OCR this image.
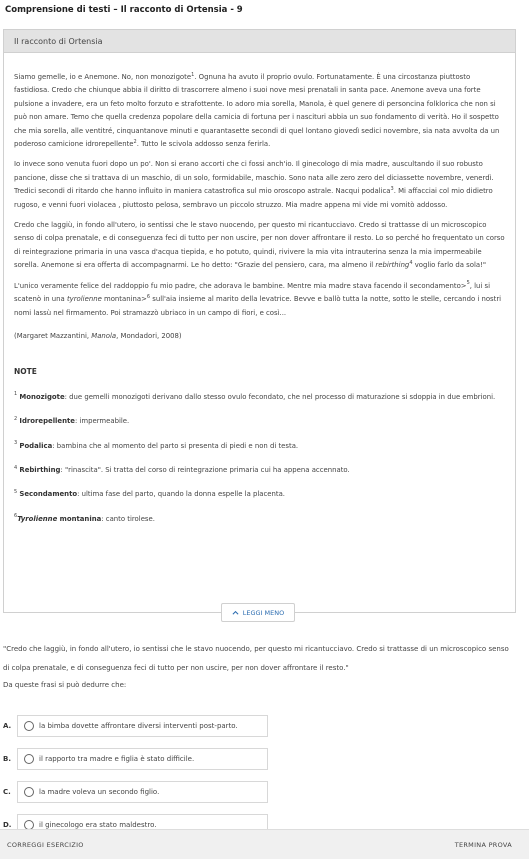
Comprensione di testi – Il racconto di Ortensia - 9
Il racconto di Ortensia

Siamo gemelle, io e Anemone. No, non monozigote$^1$. Ognuna ha avuto il proprio ovulo. Fortunatamente. È una circostanza piuttosto fastidiosa. Credo che chiunque abbia il diritto di trascorrere almeno i suoi nove mesi prenatali in santa pace. Anemone aveva una forte pulsione a invadere, era un feto molto forzuto e strafottente. Io adoro mia sorella, Manola, è quel genere di personcina folklorica che non si può non amare. Temo che quella credenza popolare della camicia di fortuna per i nascituri abbia un suo fondamento di verità. Ho il sospetto che mia sorella, alle ventitré, cinquantanove minuti e quarantasette secondi di quel lontano giovedì sedici novembre, sia nata avvolta da un poderoso camicione idrorepellente$^2$. Tutto le scivola addosso senza ferirla.

Io invece sono venuta fuori dopo un po'. Non si erano accorti che ci fossi anch'io. Il ginecologo di mia madre, auscultando il suo robusto pancione, disse che si trattava di un maschio, di un solo, formidabile, maschio. Sono nata alle zero zero del diciassette novembre, venerdì. Tredici secondi di ritardo che hanno influito in maniera catastrofica sul mio oroscopo astrale. Nacqui podalica$^3$. Mi affacciai col mio didietro rugoso, e venni fuori violacea , piuttosto pelosa, sembravo un piccolo struzzo. Mia madre appena mi vide mi vomitò addosso.

Credo che laggiù, in fondo all'utero, io sentissi che le stavo nuocendo, per questo mi ricantucciavo. Credo si trattasse di un microscopico senso di colpa prenatale, e di conseguenza feci di tutto per non uscire, per non dover affrontare il resto. Lo so perché ho frequentato un corso di reintegrazione primaria in una vasca d'acqua tiepida, e ho potuto, quindi, rivivere la mia vita intrauterina senza la mia impermeabile sorella. Anemone si era offerta di accompagnarmi. Le ho detto: "Grazie del pensiero, cara, ma almeno il rebirthing$^4$ voglio farlo da sola!"

L'unico veramente felice del raddoppio fu mio padre, che adorava le bambine. Mentre mia madre stava facendo il secondamento>$^5$, lui si scatenò in una tyrolienne montanina>$^6$ sull'aia insieme al marito della levatrice. Bevve e ballò tutta la notte, sotto le stelle, cercando i nostri nomi lassù nel firmamento. Poi stramazzò ubriaco in un campo di fiori, e così...

(Margaret Mazzantini, Manola, Mondadori, 2008)

NOTE
$^1$ Monozigote: due gemelli monozigoti derivano dallo stesso ovulo fecondato, che nel processo di maturazione si sdoppia in due embrioni.
$^2$ Idrorepellente: impermeabile.
$^3$ Podalica: bambina che al momento del parto si presenta di piedi e non di testa.
$^4$ Rebirthing: "rinascita". Si tratta del corso di reintegrazione primaria cui ha appena accennato.
$^5$ Secondamento: ultima fase del parto, quando la donna espelle la placenta.
$^6$Tyrolienne montanina: canto tirolese.
LEGGI MENO
"Credo che laggiù, in fondo all'utero, io sentissi che le stavo nuocendo, per questo mi ricantucciavo. Credo si trattasse di un microscopico senso di colpa prenatale, e di conseguenza feci di tutto per non uscire, per non dover affrontare il resto."
Da queste frasi si può dedurre che:
A.	la bimba dovette affrontare diversi interventi post-parto.
B.	il rapporto tra madre e figlia è stato difficile.
C.	la madre voleva un secondo figlio.
D.	il ginecologo era stato maldestro.
CORREGGI ESERCIZIO	TERMINA PROVA
